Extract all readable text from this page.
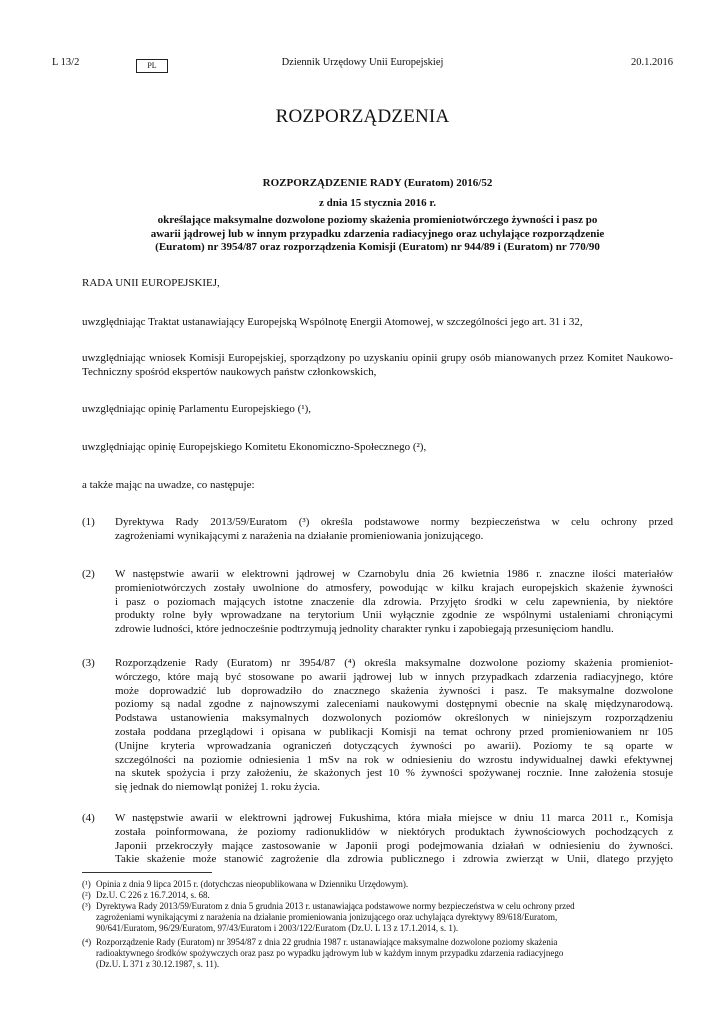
L 13/2	PL	Dziennik Urzędowy Unii Europejskiej	20.1.2016
ROZPORZĄDZENIA
ROZPORZĄDZENIE RADY (Euratom) 2016/52
z dnia 15 stycznia 2016 r.
określające maksymalne dozwolone poziomy skażenia promieniotwórczego żywności i pasz po
awarii jądrowej lub w innym przypadku zdarzenia radiacyjnego oraz uchylające rozporządzenie
(Euratom) nr 3954/87 oraz rozporządzenia Komisji (Euratom) nr 944/89 i (Euratom) nr 770/90
RADA UNII EUROPEJSKIEJ,
uwzględniając Traktat ustanawiający Europejską Wspólnotę Energii Atomowej, w szczególności jego art. 31 i 32,
uwzględniając wniosek Komisji Europejskiej, sporządzony po uzyskaniu opinii grupy osób mianowanych przez Komitet Naukowo-Techniczny spośród ekspertów naukowych państw członkowskich,
uwzględniając opinię Parlamentu Europejskiego (¹),
uwzględniając opinię Europejskiego Komitetu Ekonomiczno-Społecznego (²),
a także mając na uwadze, co następuje:
(1) Dyrektywa Rady 2013/59/Euratom (³) określa podstawowe normy bezpieczeństwa w celu ochrony przed
zagrożeniami wynikającymi z narażenia na działanie promieniowania jonizującego.
(2) W następstwie awarii w elektrowni jądrowej w Czarnobylu dnia 26 kwietnia 1986 r. znaczne ilości materiałów
promieniotwórczych zostały uwolnione do atmosfery, powodując w kilku krajach europejskich skażenie żywności
i pasz o poziomach mających istotne znaczenie dla zdrowia. Przyjęto środki w celu zapewnienia, by niektóre
produkty rolne były wprowadzane na terytorium Unii wyłącznie zgodnie ze wspólnymi ustaleniami chroniącymi
zdrowie ludności, które jednocześnie podtrzymują jednolity charakter rynku i zapobiegają przesunięciom handlu.
(3) Rozporządzenie Rady (Euratom) nr 3954/87 (⁴) określa maksymalne dozwolone poziomy skażenia promieniot-
wórczego, które mają być stosowane po awarii jądrowej lub w innych przypadkach zdarzenia radiacyjnego, które
może doprowadzić lub doprowadziło do znacznego skażenia żywności i pasz. Te maksymalne dozwolone
poziomy są nadal zgodne z najnowszymi zaleceniami naukowymi dostępnymi obecnie na skalę międzynarodową.
Podstawa ustanowienia maksymalnych dozwolonych poziomów określonych w niniejszym rozporządzeniu
została poddana przeglądowi i opisana w publikacji Komisji na temat ochrony przed promieniowaniem nr 105
(Unijne kryteria wprowadzania ograniczeń dotyczących żywności po awarii). Poziomy te są oparte w
szczególności na poziomie odniesienia 1 mSv na rok w odniesieniu do wzrostu indywidualnej dawki efektywnej
na skutek spożycia i przy założeniu, że skażonych jest 10 % żywności spożywanej rocznie. Inne założenia stosuje
się jednak do niemowląt poniżej 1. roku życia.
(4) W następstwie awarii w elektrowni jądrowej Fukushima, która miała miejsce w dniu 11 marca 2011 r., Komisja
została poinformowana, że poziomy radionuklidów w niektórych produktach żywnościowych pochodzących z
Japonii przekroczyły mające zastosowanie w Japonii progi podejmowania działań w odniesieniu do żywności.
Takie skażenie może stanowić zagrożenie dla zdrowia publicznego i zdrowia zwierząt w Unii, dlatego przyjęto
(¹) Opinia z dnia 9 lipca 2015 r. (dotychczas nieopublikowana w Dzienniku Urzędowym).
(²) Dz.U. C 226 z 16.7.2014, s. 68.
(³) Dyrektywa Rady 2013/59/Euratom z dnia 5 grudnia 2013 r. ustanawiająca podstawowe normy bezpieczeństwa w celu ochrony przed
zagrożeniami wynikającymi z narażenia na działanie promieniowania jonizującego oraz uchylająca dyrektywy 89/618/Euratom,
90/641/Euratom, 96/29/Euratom, 97/43/Euratom i 2003/122/Euratom (Dz.U. L 13 z 17.1.2014, s. 1).
(⁴) Rozporządzenie Rady (Euratom) nr 3954/87 z dnia 22 grudnia 1987 r. ustanawiające maksymalne dozwolone poziomy skażenia
radioaktywnego środków spożywczych oraz pasz po wypadku jądrowym lub w każdym innym przypadku zdarzenia radiacyjnego
(Dz.U. L 371 z 30.12.1987, s. 11).
